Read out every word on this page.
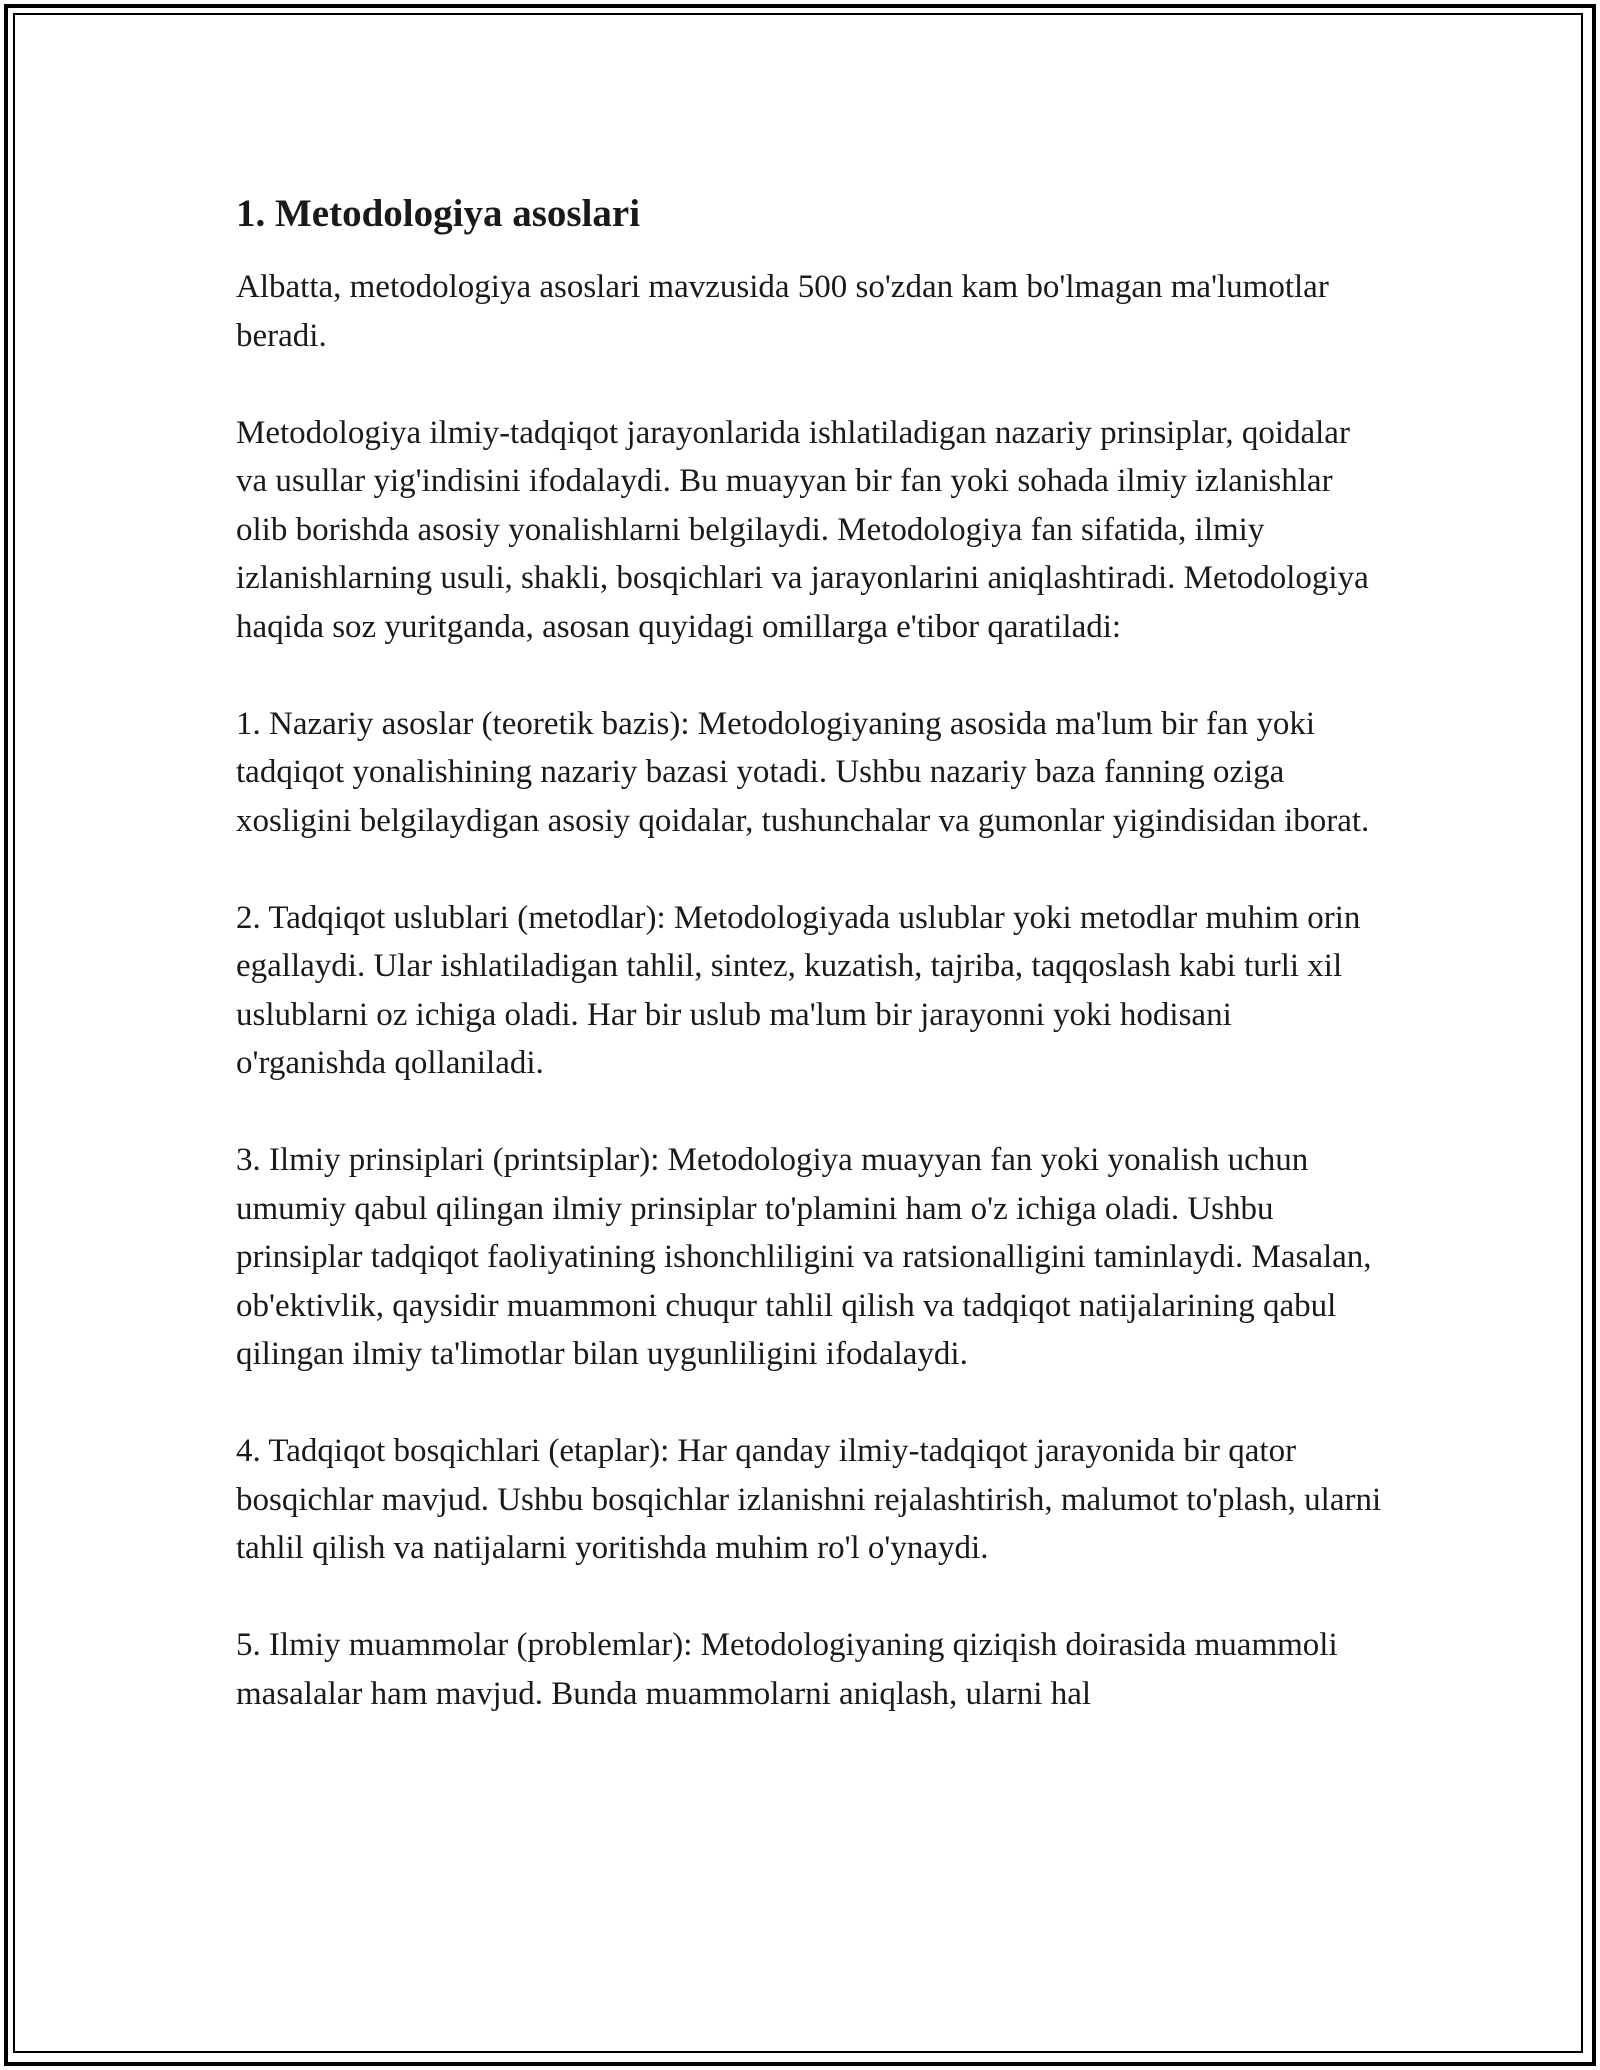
1. Metodologiya asoslari

Albatta, metodologiya asoslari mavzusida 500 so'zdan kam bo'lmagan ma'lumotlar beradi.

Metodologiya ilmiy-tadqiqot jarayonlarida ishlatiladigan nazariy prinsiplar, qoidalar va usullar yig'indisini ifodalaydi. Bu muayyan bir fan yoki sohada ilmiy izlanishlar olib borishda asosiy yonalishlarni belgilaydi. Metodologiya fan sifatida, ilmiy izlanishlarning usuli, shakli, bosqichlari va jarayonlarini aniqlashtiradi. Metodologiya haqida soz yuritganda, asosan quyidagi omillarga e'tibor qaratiladi:

1. Nazariy asoslar (teoretik bazis): Metodologiyaning asosida ma'lum bir fan yoki tadqiqot yonalishining nazariy bazasi yotadi. Ushbu nazariy baza fanning oziga xosligini belgilaydigan asosiy qoidalar, tushunchalar va gumonlar yigindisidan iborat.

2. Tadqiqot uslublari (metodlar): Metodologiyada uslublar yoki metodlar muhim orin egallaydi. Ular ishlatiladigan tahlil, sintez, kuzatish, tajriba, taqqoslash kabi turli xil uslublarni oz ichiga oladi. Har bir uslub ma'lum bir jarayonni yoki hodisani o'rganishda qollaniladi.

3. Ilmiy prinsiplari (printsiplar): Metodologiya muayyan fan yoki yonalish uchun umumiy qabul qilingan ilmiy prinsiplar to'plamini ham o'z ichiga oladi. Ushbu prinsiplar tadqiqot faoliyatining ishonchliligini va ratsionalligini taminlaydi. Masalan, ob'ektivlik, qaysidir muammoni chuqur tahlil qilish va tadqiqot natijalarining qabul qilingan ilmiy ta'limotlar bilan uygunliligini ifodalaydi.

4. Tadqiqot bosqichlari (etaplar): Har qanday ilmiy-tadqiqot jarayonida bir qator bosqichlar mavjud. Ushbu bosqichlar izlanishni rejalashtirish, malumot to'plash, ularni tahlil qilish va natijalarni yoritishda muhim ro'l o'ynaydi.

5. Ilmiy muammolar (problemlar): Metodologiyaning qiziqish doirasida muammoli masalalar ham mavjud. Bunda muammolarni aniqlash, ularni hal
